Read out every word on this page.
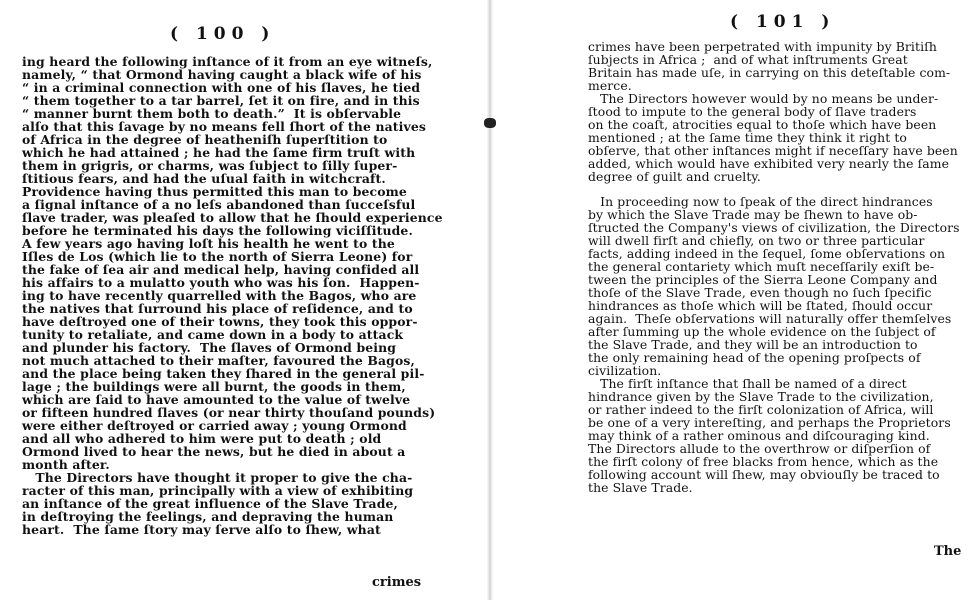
( 100 )
ing heard the following inſtance of it from an eye witneſs,
namely, “ that Ormond having caught a black wife of his
“ in a criminal connection with one of his ſlaves, he tied
“ them together to a tar barrel, ſet it on fire, and in this
“ manner burnt them both to death.”  It is obſervable
alſo that this ſavage by no means fell ſhort of the natives
of Africa in the degree of heatheniſh ſuperſtition to
which he had attained ; he had the ſame firm truſt with
them in grigris, or charms, was ſubject to ſilly ſuper-
ſtitious fears, and had the uſual faith in witchcraft.
Providence having thus permitted this man to become
a ſignal inſtance of a no leſs abandoned than ſucceſsful
ſlave trader, was pleaſed to allow that he ſhould experience
before he terminated his days the following viciſſitude.
A few years ago having loſt his health he went to the
Iſles de Los (which lie to the north of Sierra Leone) for
the fake of ſea air and medical help, having confided all
his affairs to a mulatto youth who was his ſon.  Happen-
ing to have recently quarrelled with the Bagos, who are
the natives that ſurround his place of reſidence, and to
have deſtroyed one of their towns, they took this oppor-
tunity to retaliate, and came down in a body to attack
and plunder his factory.  The ſlaves of Ormond being
not much attached to their maſter, favoured the Bagos,
and the place being taken they ſhared in the general pil-
lage ; the buildings were all burnt, the goods in them,
which are ſaid to have amounted to the value of twelve
or fifteen hundred ſlaves (or near thirty thouſand pounds)
were either deſtroyed or carried away ; young Ormond
and all who adhered to him were put to death ; old
Ormond lived to hear the news, but he died in about a
month after.
The Directors have thought it proper to give the cha-
racter of this man, principally with a view of exhibiting
an inſtance of the great influence of the Slave Trade,
in deſtroying the feelings, and depraving the human
heart.  The ſame ſtory may ſerve alſo to ſhew, what
crimes
( 101 )
crimes have been perpetrated with impunity by Britiſh
ſubjects in Africa ;  and of what inſtruments Great
Britain has made uſe, in carrying on this deteſtable com-
merce.
The Directors however would by no means be under-
ſtood to impute to the general body of ſlave traders
on the coaſt, atrocities equal to thoſe which have been
mentioned ; at the ſame time they think it right to
obſerve, that other inſtances might if neceſſary have been
added, which would have exhibited very nearly the ſame
degree of guilt and cruelty.
In proceeding now to ſpeak of the direct hindrances
by which the Slave Trade may be ſhewn to have ob-
ſtructed the Company's views of civilization, the Directors
will dwell firſt and chiefly, on two or three particular
facts, adding indeed in the ſequel, ſome obſervations on
the general contariety which muſt neceſſarily exiſt be-
tween the principles of the Sierra Leone Company and
thoſe of the Slave Trade, even though no ſuch ſpecific
hindrances as thoſe which will be ſtated, ſhould occur
again.  Theſe obſervations will naturally offer themſelves
after ſumming up the whole evidence on the ſubject of
the Slave Trade, and they will be an introduction to
the only remaining head of the opening proſpects of
civilization.
The firſt inſtance that ſhall be named of a direct
hindrance given by the Slave Trade to the civilization,
or rather indeed to the firſt colonization of Africa, will
be one of a very intereſting, and perhaps the Proprietors
may think of a rather ominous and diſcouraging kind.
The Directors allude to the overthrow or diſperſion of
the firſt colony of free blacks from hence, which as the
following account will ſhew, may obviouſly be traced to
the Slave Trade.
The
